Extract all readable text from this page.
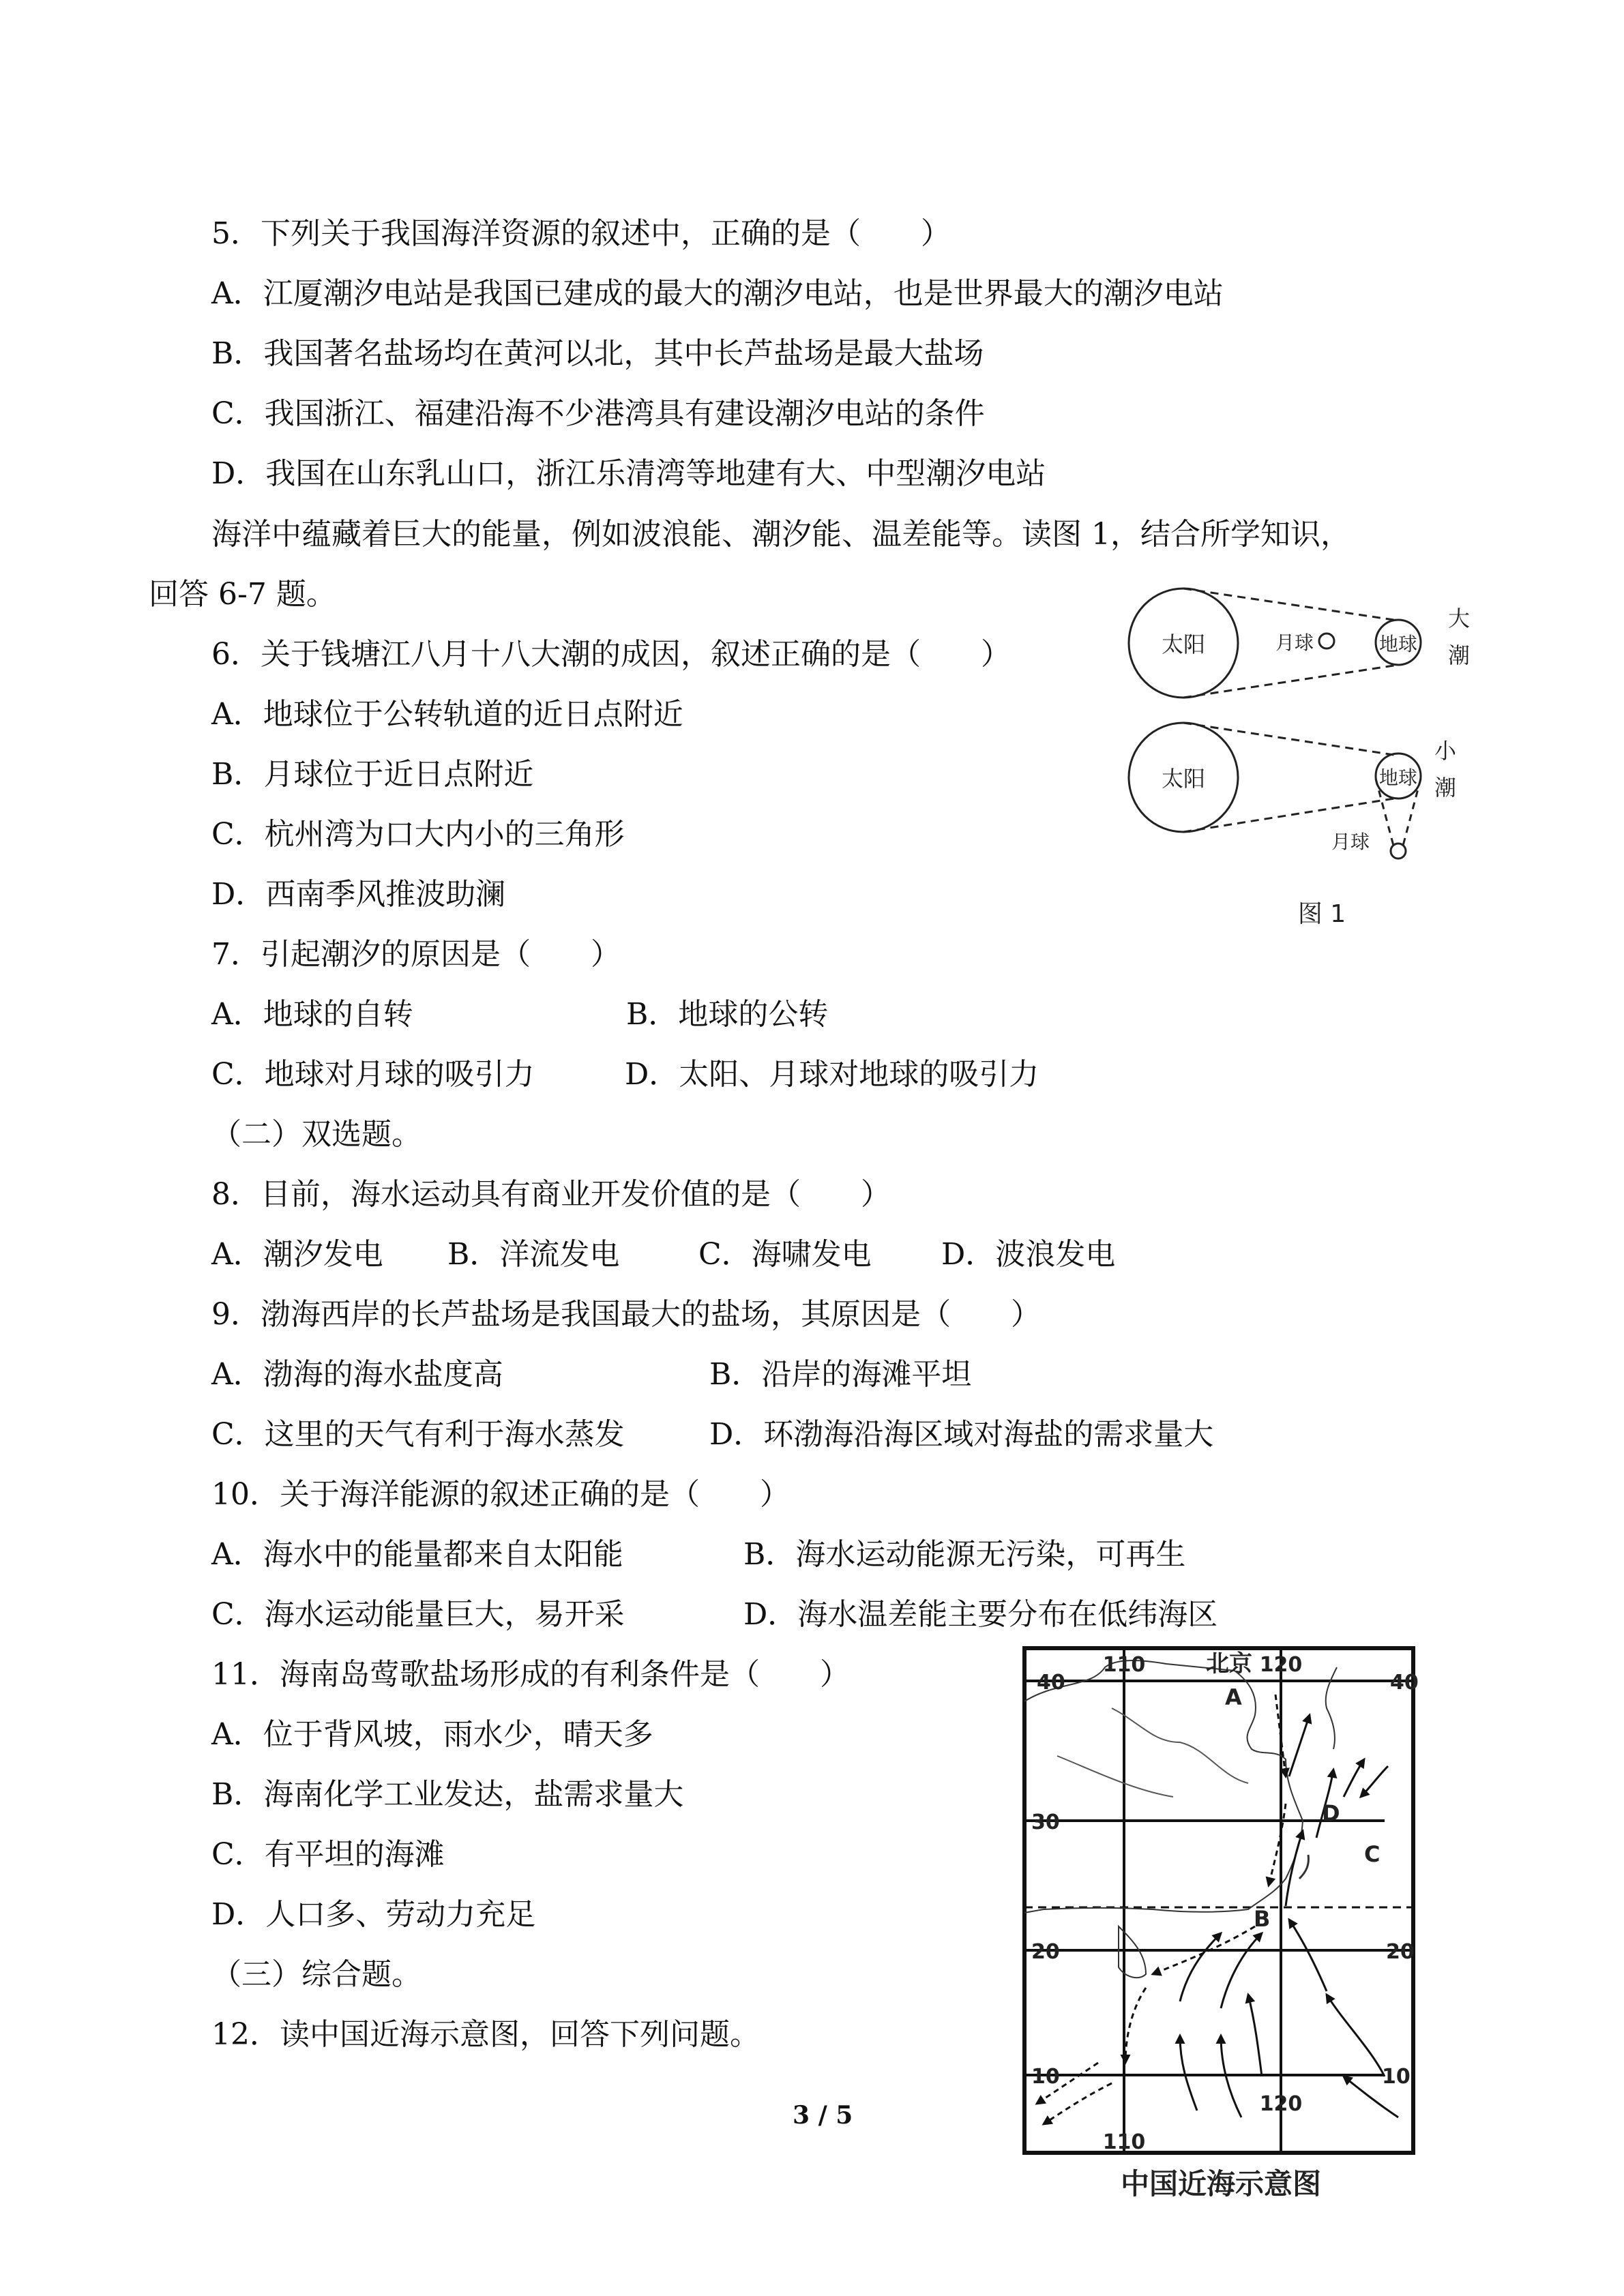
5．下列关于我国海洋资源的叙述中，正确的是（　　）
A．江厦潮汐电站是我国已建成的最大的潮汐电站，也是世界最大的潮汐电站
B．我国著名盐场均在黄河以北，其中长芦盐场是最大盐场
C．我国浙江、福建沿海不少港湾具有建设潮汐电站的条件
D．我国在山东乳山口，浙江乐清湾等地建有大、中型潮汐电站
海洋中蕴藏着巨大的能量，例如波浪能、潮汐能、温差能等。读图 1，结合所学知识，
回答 6-7 题。
6．关于钱塘江八月十八大潮的成因，叙述正确的是（　　）
A．地球位于公转轨道的近日点附近
B．月球位于近日点附近
C．杭州湾为口大内小的三角形
D．西南季风推波助澜
太阳	地球
月球
大
潮
太阳	地球
月球
小
潮
图 1
7．引起潮汐的原因是（　　）
A．地球的自转	B．地球的公转
C．地球对月球的吸引力	D．太阳、月球对地球的吸引力
（二）双选题。
8．目前，海水运动具有商业开发价值的是（　　）
A．潮汐发电 B．洋流发电	C．海啸发电 D．波浪发电
9．渤海西岸的长芦盐场是我国最大的盐场，其原因是（　　）
A．渤海的海水盐度高	B．沿岸的海滩平坦
C．这里的天气有利于海水蒸发	D．环渤海沿海区域对海盐的需求量大
10．关于海洋能源的叙述正确的是（　　）
A．海水中的能量都来自太阳能	B．海水运动能源无污染，可再生
C．海水运动能量巨大，易开采	D．海水温差能主要分布在低纬海区
11．海南岛莺歌盐场形成的有利条件是（　　）
A．位于背风坡，雨水少，晴天多
B．海南化学工业发达，盐需求量大
C．有平坦的海滩
D．人口多、劳动力充足
（三）综合题。
12．读中国近海示意图，回答下列问题。
3 / 5
110	120
北京
40	40
30
20	20
10	10
110
120
A
B
C
D
中国近海示意图
